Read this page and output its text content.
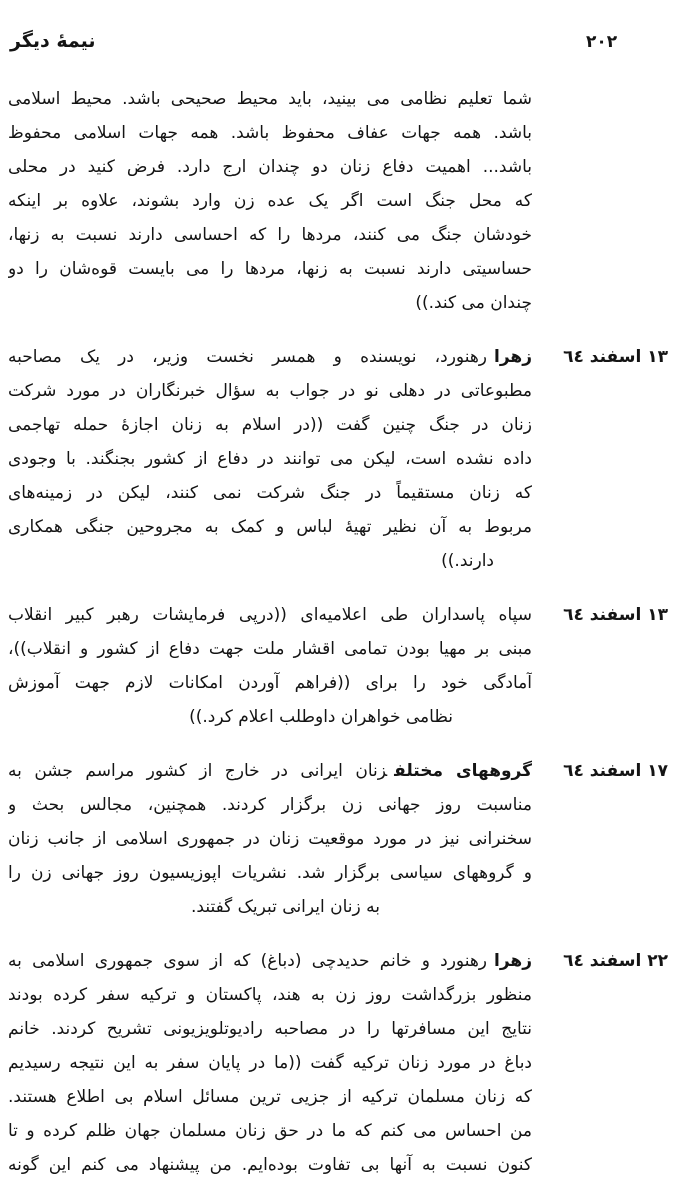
نیمهٔ دیگر	٢٠٢
شما تعلیم نظامی می بینید، باید محیط صحیحی باشد. محیط اسلامی
باشد. همه جهات عفاف محفوظ باشد. همه جهات اسلامی محفوظ
باشد... اهمیت دفاع زنان دو چندان ارج دارد. فرض کنید در محلی
که محل جنگ است اگر یک عده زن وارد بشوند، علاوه بر اینکه
خودشان جنگ می کنند، مردها را که احساسی دارند نسبت به زنها،
حساسیتی دارند نسبت به زنها، مردها را می بایست قوه‌شان را دو
چندان می کند.))
١٣ اسفند ٦٤
زهرارهنورد، نویسنده و همسر نخست وزیر، در یک مصاحبه
مطبوعاتی در دهلی نو در جواب به سؤال خبرنگاران در مورد شرکت
زنان در جنگ چنین گفت ((در اسلام به زنان اجازهٔ حمله تهاجمی
داده نشده است، لیکن می توانند در دفاع از کشور بجنگند. با وجودی
که زنان مستقیماً در جنگ شرکت نمی کنند، لیکن در زمینه‌های
مربوط به آن نظیر تهیهٔ لباس و کمک به مجروحین جنگی همکاری
دارند.))
١٣ اسفند ٦٤
سپاه پاسداران طی اعلامیه‌ای ((درپی فرمایشات رهبر کبیر انقلاب
مبنی بر مهیا بودن تمامی اقشار ملت جهت دفاع از کشور و انقلاب))،
آمادگی خود را برای ((فراهم آوردن امکانات لازم جهت آموزش
نظامی خواهران داوطلب اعلام کرد.))
١٧ اسفند ٦٤
گروههای مختلفزنان ایرانی در خارج از کشور مراسم جشن به
مناسبت روز جهانی زن برگزار کردند. همچنین، مجالس بحث و
سخنرانی نیز در مورد موقعیت زنان در جمهوری اسلامی از جانب زنان
و گروههای سیاسی برگزار شد. نشریات اپوزیسیون روز جهانی زن را
به زنان ایرانی تبریک گفتند.
٢٢ اسفند ٦٤
زهرارهنورد و خانم حدیدچی (دباغ) که از سوی جمهوری اسلامی به
منظور بزرگداشت روز زن به هند، پاکستان و ترکیه سفر کرده بودند
نتایج این مسافرتها را در مصاحبه رادیوتلویزیونی تشریح کردند. خانم
دباغ در مورد زنان ترکیه گفت ((ما در پایان سفر به این نتیجه رسیدیم
که زنان مسلمان ترکیه از جزیی ترین مسائل اسلام بی اطلاع هستند.
من احساس می کنم که ما در حق زنان مسلمان جهان ظلم کرده و تا
کنون نسبت به آنها بی تفاوت بوده‌ایم. من پیشنهاد می کنم این گونه
